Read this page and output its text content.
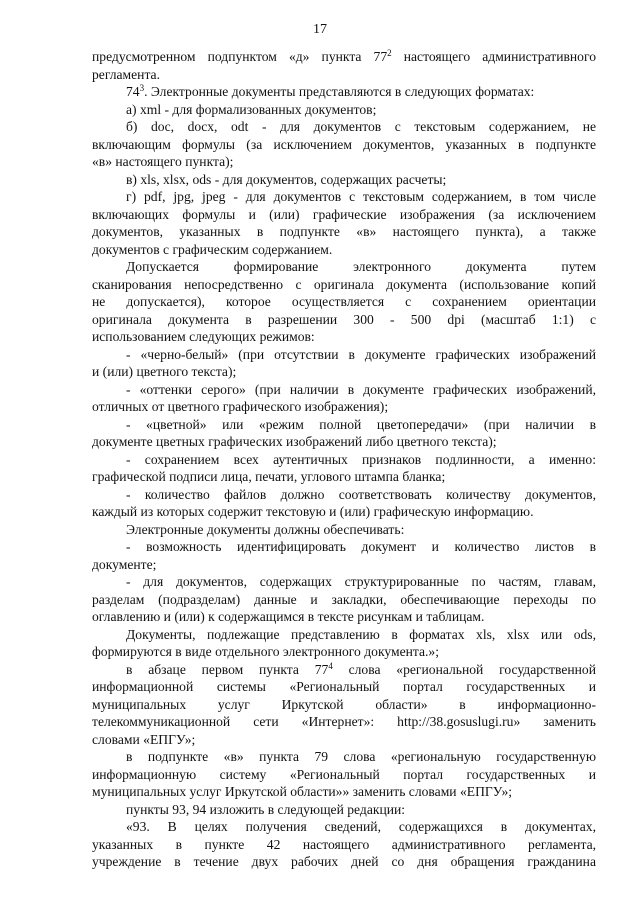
17
предусмотренном подпунктом «д» пункта $77^2$ настоящего административного
регламента.
$74^3$. Электронные документы представляются в следующих форматах:
а) xml - для формализованных документов;
б) doc, docx, odt - для документов с текстовым содержанием, не
включающим формулы (за исключением документов, указанных в подпункте
«в» настоящего пункта);
в) xls, xlsx, ods - для документов, содержащих расчеты;
г) pdf, jpg, jpeg - для документов с текстовым содержанием, в том числе
включающих формулы и (или) графические изображения (за исключением
документов, указанных в подпункте «в» настоящего пункта), а также
документов с графическим содержанием.
Допускается формирование электронного документа путем
сканирования непосредственно с оригинала документа (использование копий
не допускается), которое осуществляется с сохранением ориентации
оригинала документа в разрешении 300 - 500 dpi (масштаб 1:1) с
использованием следующих режимов:
- «черно-белый» (при отсутствии в документе графических изображений
и (или) цветного текста);
- «оттенки серого» (при наличии в документе графических изображений,
отличных от цветного графического изображения);
- «цветной» или «режим полной цветопередачи» (при наличии в
документе цветных графических изображений либо цветного текста);
- сохранением всех аутентичных признаков подлинности, а именно:
графической подписи лица, печати, углового штампа бланка;
- количество файлов должно соответствовать количеству документов,
каждый из которых содержит текстовую и (или) графическую информацию.
Электронные документы должны обеспечивать:
- возможность идентифицировать документ и количество листов в
документе;
- для документов, содержащих структурированные по частям, главам,
разделам (подразделам) данные и закладки, обеспечивающие переходы по
оглавлению и (или) к содержащимся в тексте рисункам и таблицам.
Документы, подлежащие представлению в форматах xls, xlsx или ods,
формируются в виде отдельного электронного документа.»;
в абзаце первом пункта $77^4$ слова «региональной государственной
информационной системы «Региональный портал государственных и
муниципальных услуг Иркутской области» в информационно-
телекоммуникационной сети «Интернет»: http://38.gosuslugi.ru» заменить
словами «ЕПГУ»;
в подпункте «в» пункта 79 слова «региональную государственную
информационную систему «Региональный портал государственных и
муниципальных услуг Иркутской области»» заменить словами «ЕПГУ»;
пункты 93, 94 изложить в следующей редакции:
«93. В целях получения сведений, содержащихся в документах,
указанных в пункте 42 настоящего административного регламента,
учреждение в течение двух рабочих дней со дня обращения гражданина
